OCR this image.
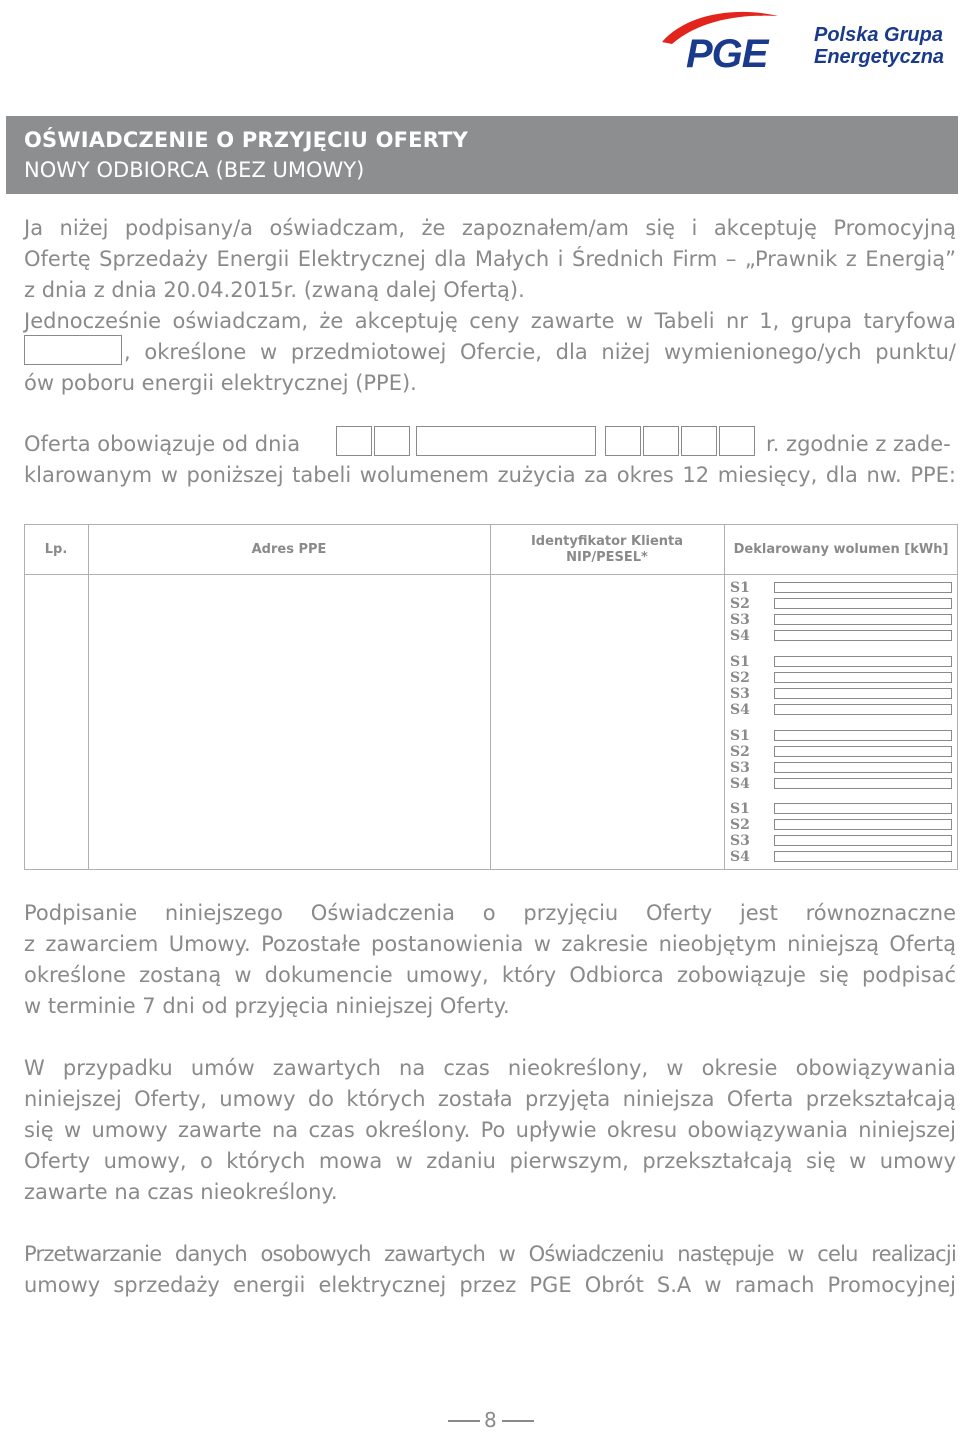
PGE Polska Grupa
Energetyczna
OŚWIADCZENIE O PRZYJĘCIU OFERTY
NOWY ODBIORCA (BEZ UMOWY)
Ja niżej podpisany/a oświadczam, że zapoznałem/am się i akceptuję Promocyjną
Ofertę Sprzedaży Energii Elektrycznej dla Małych i Średnich Firm – „Prawnik z Energią”
z dnia z dnia 20.04.2015r. (zwaną dalej Ofertą).
Jednocześnie oświadczam, że akceptuję ceny zawarte w Tabeli nr 1, grupa taryfowa
, określone w przedmiotowej Ofercie, dla niżej wymienionego/ych punktu/
ów poboru energii elektrycznej (PPE).
Oferta obowiązuje od dnia	r. zgodnie z zade-
klarowanym w poniższej tabeli wolumenem zużycia za okres 12 miesięcy, dla nw. PPE:
Lp.	Adres PPE
Identyfikator Klienta
NIP/PESEL*
Deklarowany wolumen [kWh]
S1
S2
S3
S4
S1
S2
S3
S4
S1
S2
S3
S4
S1
S2
S3
S4
Podpisanie niniejszego Oświadczenia o przyjęciu Oferty jest równoznaczne
z zawarciem Umowy. Pozostałe postanowienia w zakresie nieobjętym niniejszą Ofertą
określone zostaną w dokumencie umowy, który Odbiorca zobowiązuje się podpisać
w terminie 7 dni od przyjęcia niniejszej Oferty.
W przypadku umów zawartych na czas nieokreślony, w okresie obowiązywania
niniejszej Oferty, umowy do których została przyjęta niniejsza Oferta przekształcają
się w umowy zawarte na czas określony. Po upływie okresu obowiązywania niniejszej
Oferty umowy, o których mowa w zdaniu pierwszym, przekształcają się w umowy
zawarte na czas nieokreślony.
Przetwarzanie danych osobowych zawartych w Oświadczeniu następuje w celu realizacji
umowy sprzedaży energii elektrycznej przez PGE Obrót S.A w ramach Promocyjnej
8
